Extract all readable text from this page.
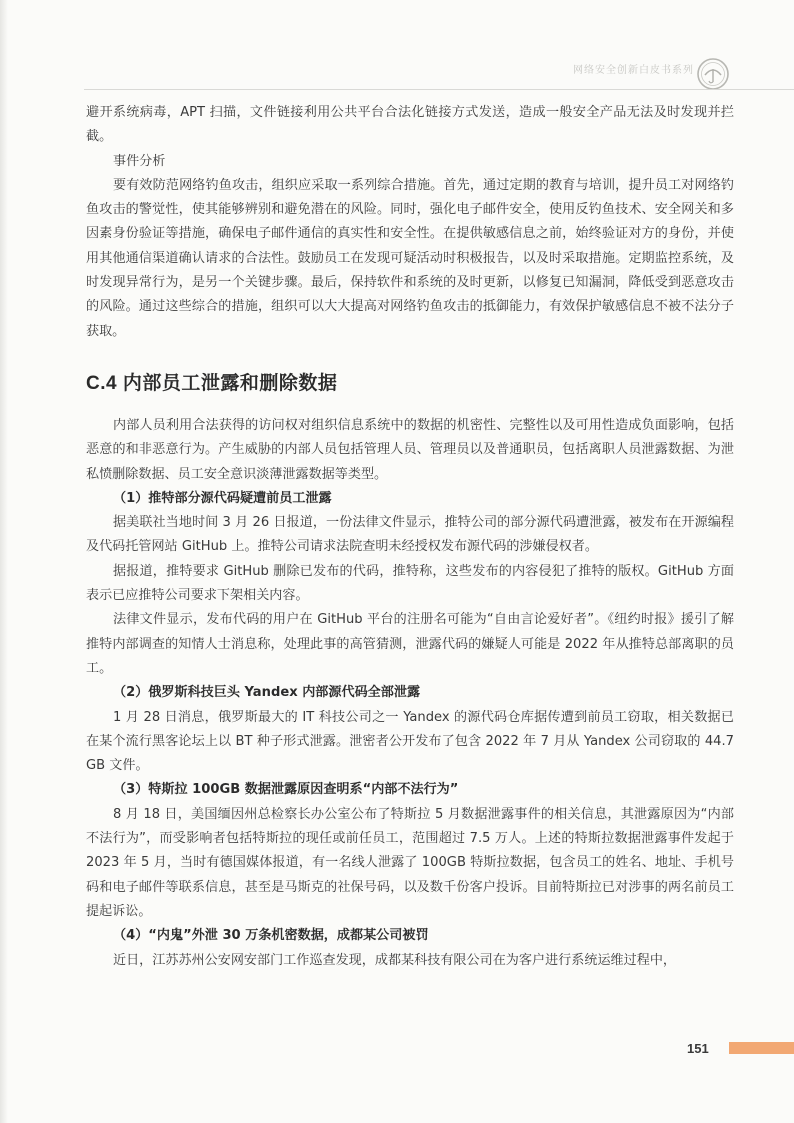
网络安全创新白皮书系列

避开系统病毒，APT 扫描，文件链接利用公共平台合法化链接方式发送，造成一般安全产品无法及时发现并拦截。

事件分析

要有效防范网络钓鱼攻击，组织应采取一系列综合措施。首先，通过定期的教育与培训，提升员工对网络钓鱼攻击的警觉性，使其能够辨别和避免潜在的风险。同时，强化电子邮件安全，使用反钓鱼技术、安全网关和多因素身份验证等措施，确保电子邮件通信的真实性和安全性。在提供敏感信息之前，始终验证对方的身份，并使用其他通信渠道确认请求的合法性。鼓励员工在发现可疑活动时积极报告，以及时采取措施。定期监控系统，及时发现异常行为，是另一个关键步骤。最后，保持软件和系统的及时更新，以修复已知漏洞，降低受到恶意攻击的风险。通过这些综合的措施，组织可以大大提高对网络钓鱼攻击的抵御能力，有效保护敏感信息不被不法分子获取。

C.4 内部员工泄露和删除数据

内部人员利用合法获得的访问权对组织信息系统中的数据的机密性、完整性以及可用性造成负面影响，包括恶意的和非恶意行为。产生威胁的内部人员包括管理人员、管理员以及普通职员，包括离职人员泄露数据、为泄私愤删除数据、员工安全意识淡薄泄露数据等类型。

（1）推特部分源代码疑遭前员工泄露

据美联社当地时间 3 月 26 日报道，一份法律文件显示，推特公司的部分源代码遭泄露，被发布在开源编程及代码托管网站 GitHub 上。推特公司请求法院查明未经授权发布源代码的涉嫌侵权者。

据报道，推特要求 GitHub 删除已发布的代码，推特称，这些发布的内容侵犯了推特的版权。GitHub 方面表示已应推特公司要求下架相关内容。

法律文件显示，发布代码的用户在 GitHub 平台的注册名可能为“自由言论爱好者”。《纽约时报》援引了解推特内部调查的知情人士消息称，处理此事的高管猜测，泄露代码的嫌疑人可能是 2022 年从推特总部离职的员工。

（2）俄罗斯科技巨头 Yandex 内部源代码全部泄露

1 月 28 日消息，俄罗斯最大的 IT 科技公司之一 Yandex 的源代码仓库据传遭到前员工窃取，相关数据已在某个流行黑客论坛上以 BT 种子形式泄露。泄密者公开发布了包含 2022 年 7 月从 Yandex 公司窃取的 44.7 GB 文件。

（3）特斯拉 100GB 数据泄露原因查明系“内部不法行为”

8 月 18 日，美国缅因州总检察长办公室公布了特斯拉 5 月数据泄露事件的相关信息，其泄露原因为“内部不法行为”，而受影响者包括特斯拉的现任或前任员工，范围超过 7.5 万人。上述的特斯拉数据泄露事件发起于 2023 年 5 月，当时有德国媒体报道，有一名线人泄露了 100GB 特斯拉数据，包含员工的姓名、地址、手机号码和电子邮件等联系信息，甚至是马斯克的社保号码，以及数千份客户投诉。目前特斯拉已对涉事的两名前员工提起诉讼。

（4）“内鬼”外泄 30 万条机密数据，成都某公司被罚

近日，江苏苏州公安网安部门工作巡查发现，成都某科技有限公司在为客户进行系统运维过程中，

151
